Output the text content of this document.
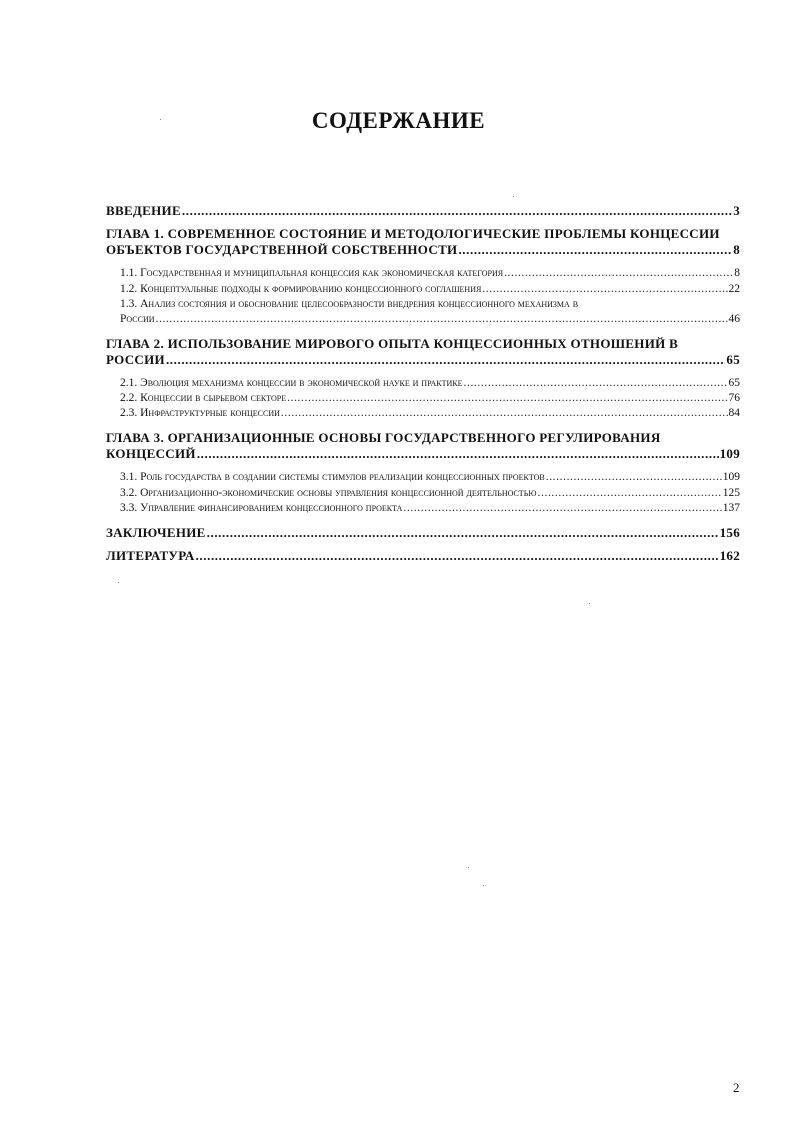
СОДЕРЖАНИЕ
ВВЕДЕНИЕ .....	3
ГЛАВА 1. СОВРЕМЕННОЕ СОСТОЯНИЕ И МЕТОДОЛОГИЧЕСКИЕ ПРОБЛЕМЫ КОНЦЕССИИ
ОБЪЕКТОВ ГОСУДАРСТВЕННОЙ СОБСТВЕННОСТИ .....	8
1.1. Государственная и муниципальная концессия как экономическая категория .....	8
1.2. Концептуальные подходы к формированию концессионного соглашения .....	22
1.3. Анализ состояния и обоснование целесообразности внедрения концессионного механизма в
России .....	46
ГЛАВА 2. ИСПОЛЬЗОВАНИЕ МИРОВОГО ОПЫТА КОНЦЕССИОННЫХ ОТНОШЕНИЙ В
РОССИИ .....	65
2.1. Эволюция механизма концессии в экономической науке и практике .....	65
2.2. Концессии в сырьевом секторе .....	76
2.3. Инфраструктурные концессии .....	84
ГЛАВА 3. ОРГАНИЗАЦИОННЫЕ ОСНОВЫ ГОСУДАРСТВЕННОГО РЕГУЛИРОВАНИЯ
КОНЦЕССИЙ .....	109
3.1. Роль государства в создании системы стимулов реализации концессионных проектов .....	109
3.2. Организационно-экономические основы управления концессионной деятельностью .....	125
3.3. Управление финансированием концессионного проекта .....	137
ЗАКЛЮЧЕНИЕ .....	156
ЛИТЕРАТУРА .....	162
2
